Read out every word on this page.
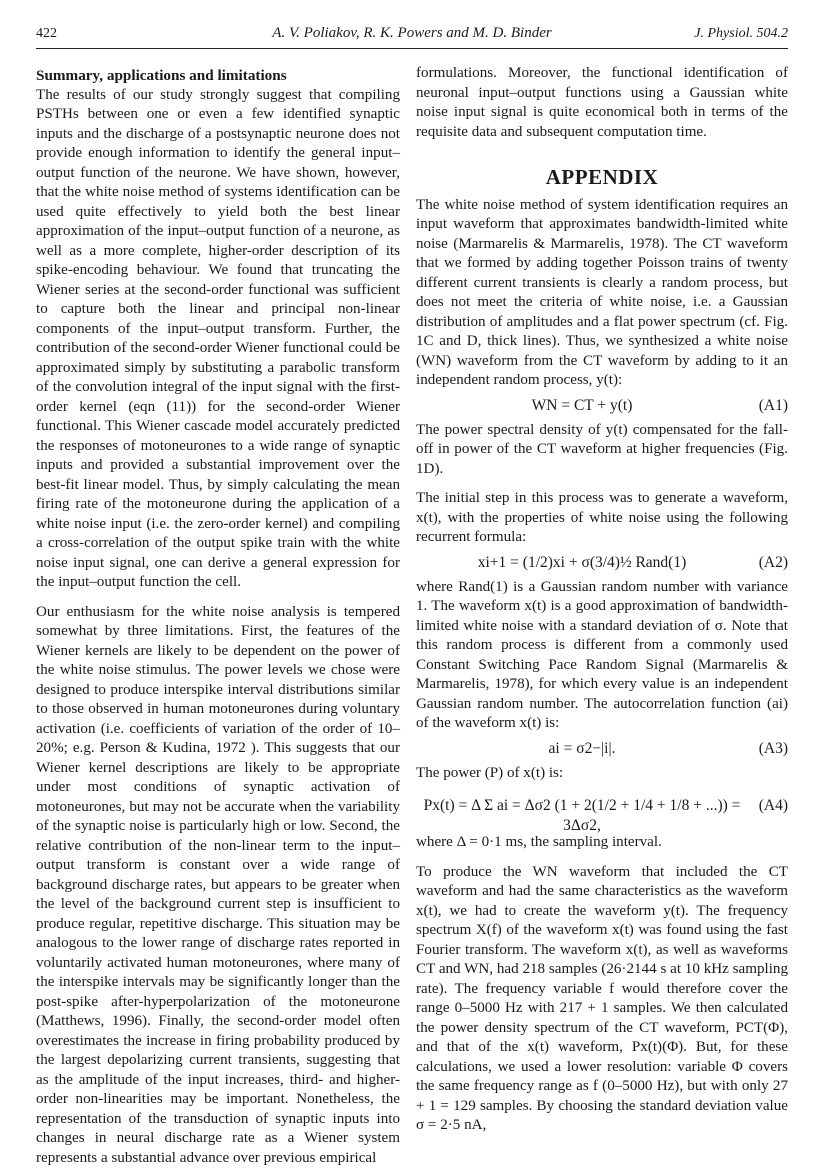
422	A. V. Poliakov, R. K. Powers and M. D. Binder	J. Physiol. 504.2
Summary, applications and limitations

The results of our study strongly suggest that compiling PSTHs between one or even a few identified synaptic inputs and the discharge of a postsynaptic neurone does not provide enough information to identify the general input–output function of the neurone. We have shown, however, that the white noise method of systems identification can be used quite effectively to yield both the best linear approximation of the input–output function of a neurone, as well as a more complete, higher-order description of its spike-encoding behaviour. We found that truncating the Wiener series at the second-order functional was sufficient to capture both the linear and principal non-linear components of the input–output transform. Further, the contribution of the second-order Wiener functional could be approximated simply by substituting a parabolic transform of the convolution integral of the input signal with the first-order kernel (eqn (11)) for the second-order Wiener functional. This Wiener cascade model accurately predicted the responses of motoneurones to a wide range of synaptic inputs and provided a substantial improvement over the best-fit linear model. Thus, by simply calculating the mean firing rate of the motoneurone during the application of a white noise input (i.e. the zero-order kernel) and compiling a cross-correlation of the output spike train with the white noise input signal, one can derive a general expression for the input–output function the cell.

Our enthusiasm for the white noise analysis is tempered somewhat by three limitations. First, the features of the Wiener kernels are likely to be dependent on the power of the white noise stimulus. The power levels we chose were designed to produce interspike interval distributions similar to those observed in human motoneurones during voluntary activation (i.e. coefficients of variation of the order of 10–20%; e.g. Person & Kudina, 1972 ). This suggests that our Wiener kernel descriptions are likely to be appropriate under most conditions of synaptic activation of motoneurones, but may not be accurate when the variability of the synaptic noise is particularly high or low. Second, the relative contribution of the non-linear term to the input–output transform is constant over a wide range of background discharge rates, but appears to be greater when the level of the background current step is insufficient to produce regular, repetitive discharge. This situation may be analogous to the lower range of discharge rates reported in voluntarily activated human motoneurones, where many of the interspike intervals may be significantly longer than the post-spike after-hyperpolarization of the motoneurone (Matthews, 1996). Finally, the second-order model often overestimates the increase in firing probability produced by the largest depolarizing current transients, suggesting that as the amplitude of the input increases, third- and higher-order non-linearities may be important. Nonetheless, the representation of the transduction of synaptic inputs into changes in neural discharge rate as a Wiener system represents a substantial advance over previous empirical

formulations. Moreover, the functional identification of neuronal input–output functions using a Gaussian white noise input signal is quite economical both in terms of the requisite data and subsequent computation time.

APPENDIX

The white noise method of system identification requires an input waveform that approximates bandwidth-limited white noise (Marmarelis & Marmarelis, 1978). The CT waveform that we formed by adding together Poisson trains of twenty different current transients is clearly a random process, but does not meet the criteria of white noise, i.e. a Gaussian distribution of amplitudes and a flat power spectrum (cf. Fig. 1C and D, thick lines). Thus, we synthesized a white noise (WN) waveform from the CT waveform by adding to it an independent random process, y(t):

WN = CT + y(t)	(A1)

The power spectral density of y(t) compensated for the fall-off in power of the CT waveform at higher frequencies (Fig. 1D).

The initial step in this process was to generate a waveform, x(t), with the properties of white noise using the following recurrent formula:

xi+1 = (1/2)xi + σ(3/4)½ Rand(1)	(A2)

where Rand(1) is a Gaussian random number with variance 1. The waveform x(t) is a good approximation of bandwidth-limited white noise with a standard deviation of σ. Note that this random process is different from a commonly used Constant Switching Pace Random Signal (Marmarelis & Marmarelis, 1978), for which every value is an independent Gaussian random number. The autocorrelation function (ai) of the waveform x(t) is:

ai = σ2−|i|.	(A3)

The power (P) of x(t) is:

Px(t) = Δ Σ ai = Δσ2 (1 + 2(1/2 + 1/4 + 1/8 + ...)) = 3Δσ2,
(A4)

where Δ = 0·1 ms, the sampling interval.

To produce the WN waveform that included the CT waveform and had the same characteristics as the waveform x(t), we had to create the waveform y(t). The frequency spectrum X(f) of the waveform x(t) was found using the fast Fourier transform. The waveform x(t), as well as waveforms CT and WN, had 218 samples (26·2144 s at 10 kHz sampling rate). The frequency variable f would therefore cover the range 0–5000 Hz with 217 + 1 samples. We then calculated the power density spectrum of the CT waveform, PCT(Φ), and that of the x(t) waveform, Px(t)(Φ). But, for these calculations, we used a lower resolution: variable Φ covers the same frequency range as f (0–5000 Hz), but with only 27 + 1 = 129 samples. By choosing the standard deviation value σ = 2·5 nA,
